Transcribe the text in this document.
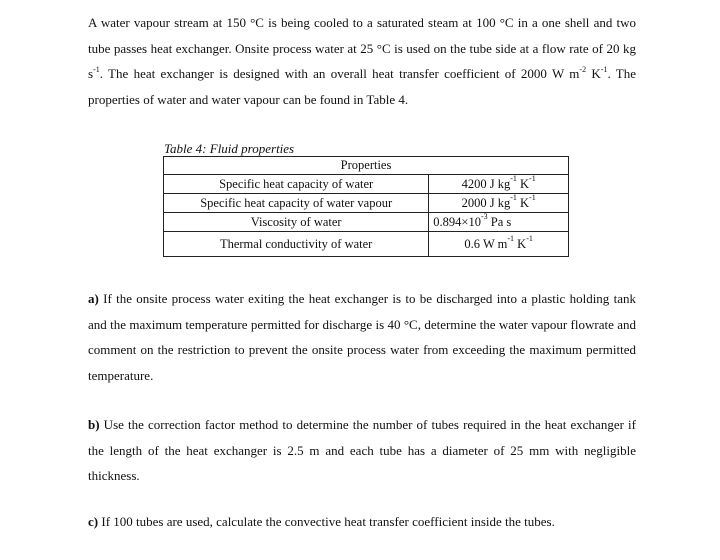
A water vapour stream at 150 °C is being cooled to a saturated steam at 100 °C in a one shell and two tube passes heat exchanger. Onsite process water at 25 °C is used on the tube side at a flow rate of 20 kg $s^{-1}$. The heat exchanger is designed with an overall heat transfer coefficient of 2000 W $m^{-2}$ $K^{-1}$. The properties of water and water vapour can be found in Table 4.
Table 4: Fluid properties
Properties	
Specific heat capacity of water	4200 J $kg^{-1}$ $K^{-1}$
Specific heat capacity of water vapour	2000 J $kg^{-1}$ $K^{-1}$
Viscosity of water	$0.894\times 10^{-3}$ Pa s
Thermal conductivity of water	0.6 W $m^{-1}$ $K^{-1}$
a) If the onsite process water exiting the heat exchanger is to be discharged into a plastic holding tank and the maximum temperature permitted for discharge is 40 °C, determine the water vapour flowrate and comment on the restriction to prevent the onsite process water from exceeding the maximum permitted temperature.
b) Use the correction factor method to determine the number of tubes required in the heat exchanger if the length of the heat exchanger is 2.5 m and each tube has a diameter of 25 mm with negligible thickness.
c) If 100 tubes are used, calculate the convective heat transfer coefficient inside the tubes.
